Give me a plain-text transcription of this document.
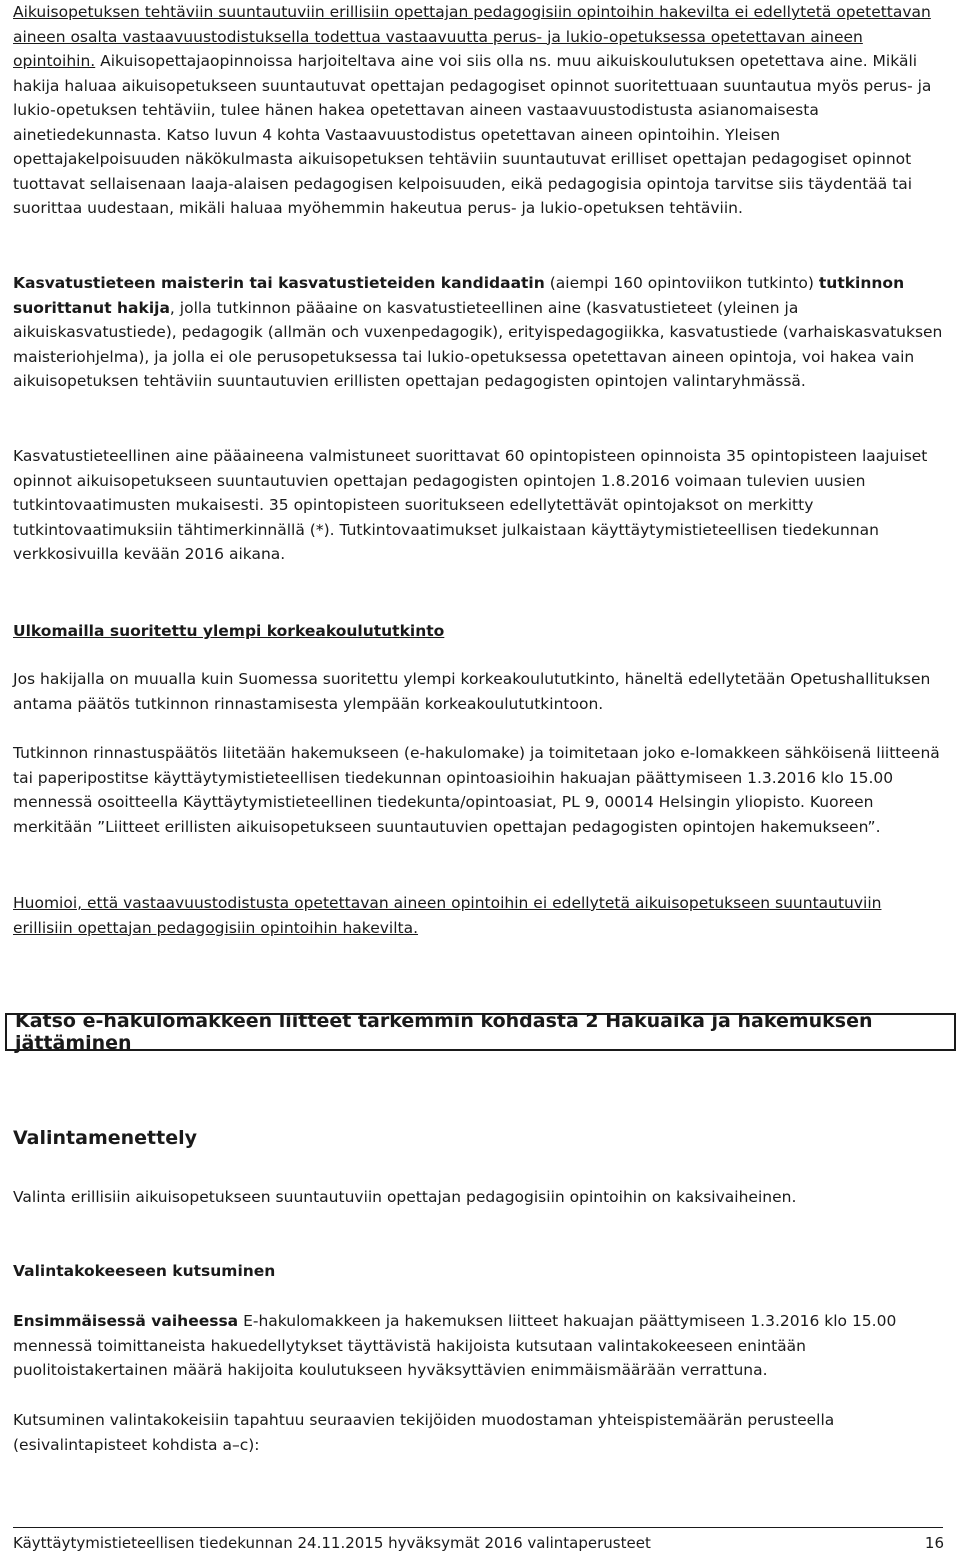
Aikuisopetuksen tehtäviin suuntautuviin erillisiin opettajan pedagogisiin opintoihin hakevilta ei edellytetä opetettavan aineen osalta vastaavuustodistuksella todettua vastaavuutta perus- ja lukio-opetuksessa opetettavan aineen opintoihin. Aikuisopettajaopinnoissa harjoiteltava aine voi siis olla ns. muu aikuiskoulutuksen opetettava aine. Mikäli hakija haluaa aikuisopetukseen suuntautuvat opettajan pedagogiset opinnot suoritettuaan suuntautua myös perus- ja lukio-opetuksen tehtäviin, tulee hänen hakea opetettavan aineen vastaavuustodistusta asianomaisesta ainetiedekunnasta. Katso luvun 4 kohta Vastaavuustodistus opetettavan aineen opintoihin. Yleisen opettajakelpoisuuden näkökulmasta aikuisopetuksen tehtäviin suuntautuvat erilliset opettajan pedagogiset opinnot tuottavat sellaisenaan laaja-alaisen pedagogisen kelpoisuuden, eikä pedagogisia opintoja tarvitse siis täydentää tai suorittaa uudestaan, mikäli haluaa myöhemmin hakeutua perus- ja lukio-opetuksen tehtäviin.

Kasvatustieteen maisterin tai kasvatustieteiden kandidaatin (aiempi 160 opintoviikon tutkinto) tutkinnon suorittanut hakija, jolla tutkinnon pääaine on kasvatustieteellinen aine (kasvatustieteet (yleinen ja aikuiskasvatustiede), pedagogik (allmän och vuxenpedagogik), erityispedagogiikka, kasvatustiede (varhaiskasvatuksen maisteriohjelma), ja jolla ei ole perusopetuksessa tai lukio-opetuksessa opetettavan aineen opintoja, voi hakea vain aikuisopetuksen tehtäviin suuntautuvien erillisten opettajan pedagogisten opintojen valintaryhmässä.

Kasvatustieteellinen aine pääaineena valmistuneet suorittavat 60 opintopisteen opinnoista 35 opintopisteen laajuiset opinnot aikuisopetukseen suuntautuvien opettajan pedagogisten opintojen 1.8.2016 voimaan tulevien uusien tutkintovaatimusten mukaisesti. 35 opintopisteen suoritukseen edellytettävät opintojaksot on merkitty tutkintovaatimuksiin tähtimerkinnällä (*). Tutkintovaatimukset julkaistaan käyttäytymistieteellisen tiedekunnan verkkosivuilla kevään 2016 aikana.

Ulkomailla suoritettu ylempi korkeakoulututkinto

Jos hakijalla on muualla kuin Suomessa suoritettu ylempi korkeakoulututkinto, häneltä edellytetään Opetushallituksen antama päätös tutkinnon rinnastamisesta ylempään korkeakoulututkintoon.

Tutkinnon rinnastuspäätös liitetään hakemukseen (e-hakulomake) ja toimitetaan joko e-lomakkeen sähköisenä liitteenä tai paperipostitse käyttäytymistieteellisen tiedekunnan opintoasioihin hakuajan päättymiseen 1.3.2016 klo 15.00 mennessä osoitteella Käyttäytymistieteellinen tiedekunta/opintoasiat, PL 9, 00014 Helsingin yliopisto. Kuoreen merkitään ”Liitteet erillisten aikuisopetukseen suuntautuvien opettajan pedagogisten opintojen hakemukseen”.

Huomioi, että vastaavuustodistusta opetettavan aineen opintoihin ei edellytetä aikuisopetukseen suuntautuviin erillisiin opettajan pedagogisiin opintoihin hakevilta.

Katso e-hakulomakkeen liitteet tarkemmin kohdasta 2 Hakuaika ja hakemuksen jättäminen
Valintamenettely

Valinta erillisiin aikuisopetukseen suuntautuviin opettajan pedagogisiin opintoihin on kaksivaiheinen.

Valintakokeeseen kutsuminen

Ensimmäisessä vaiheessa E-hakulomakkeen ja hakemuksen liitteet hakuajan päättymiseen 1.3.2016 klo 15.00 mennessä toimittaneista hakuedellytykset täyttävistä hakijoista kutsutaan valintakokeeseen enintään puolitoistakertainen määrä hakijoita koulutukseen hyväksyttävien enimmäismäärään verrattuna.

Kutsuminen valintakokeisiin tapahtuu seuraavien tekijöiden muodostaman yhteispistemäärän perusteella (esivalintapisteet kohdista a–c):

Käyttäytymistieteellisen tiedekunnan 24.11.2015 hyväksymät 2016 valintaperusteet	16
